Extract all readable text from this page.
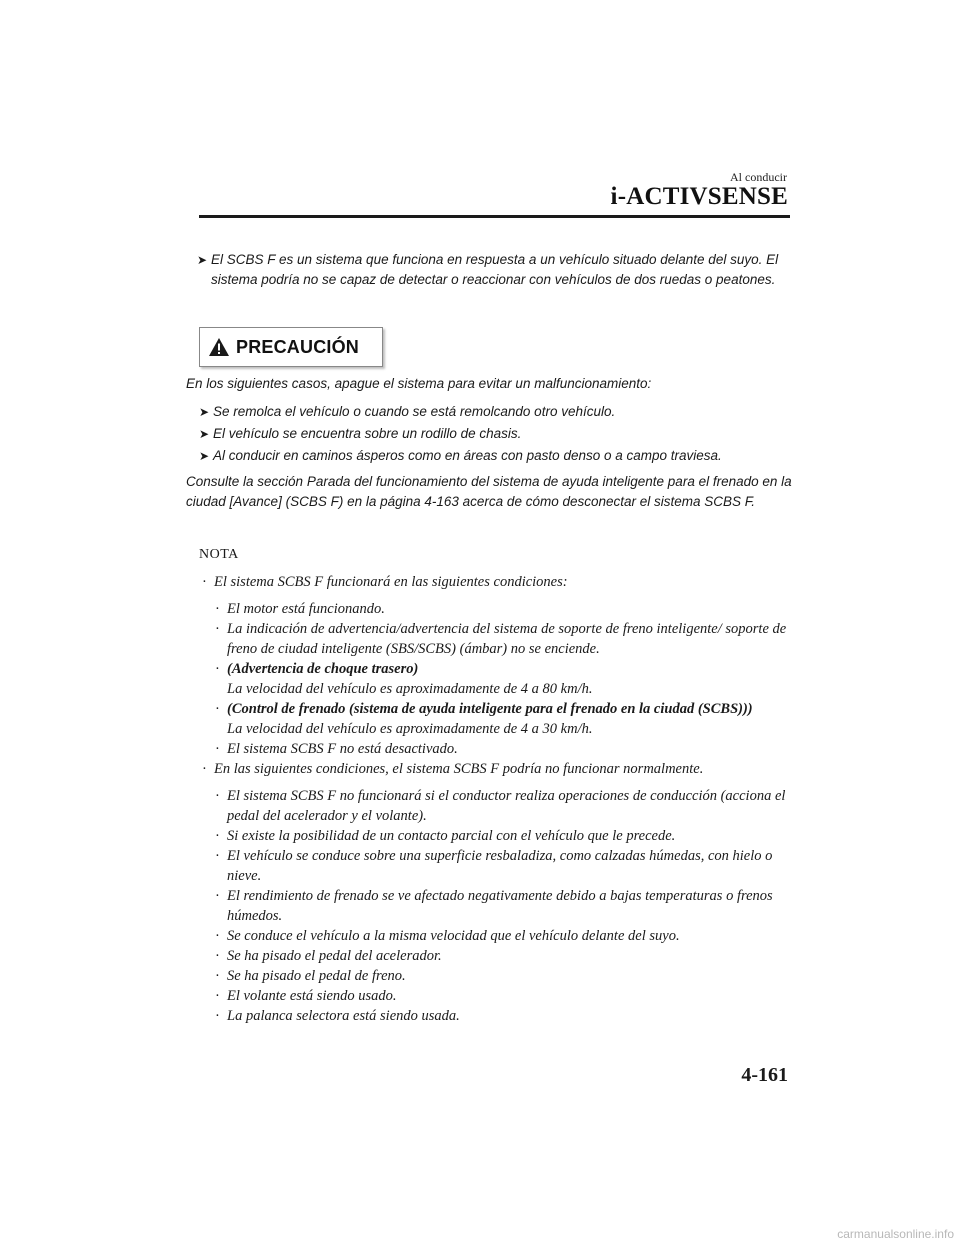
Al conducir
i-ACTIVSENSE
➤ El SCBS F es un sistema que funciona en respuesta a un vehículo situado delante del suyo. El sistema podría no se capaz de detectar o reaccionar con vehículos de dos ruedas o peatones.
PRECAUCIÓN

En los siguientes casos, apague el sistema para evitar un malfuncionamiento:

➤ Se remolca el vehículo o cuando se está remolcando otro vehículo.
➤ El vehículo se encuentra sobre un rodillo de chasis.
➤ Al conducir en caminos ásperos como en áreas con pasto denso o a campo traviesa.

Consulte la sección Parada del funcionamiento del sistema de ayuda inteligente para el frenado en la ciudad [Avance] (SCBS F) en la página 4-163 acerca de cómo desconectar el sistema SCBS F.

NOTA
· El sistema SCBS F funcionará en las siguientes condiciones:
· El motor está funcionando.
· La indicación de advertencia/advertencia del sistema de soporte de freno inteligente/ soporte de freno de ciudad inteligente (SBS/SCBS) (ámbar) no se enciende.
· (Advertencia de choque trasero)
La velocidad del vehículo es aproximadamente de 4 a 80 km/h.
· (Control de frenado (sistema de ayuda inteligente para el frenado en la ciudad (SCBS)))
La velocidad del vehículo es aproximadamente de 4 a 30 km/h.
· El sistema SCBS F no está desactivado.
· En las siguientes condiciones, el sistema SCBS F podría no funcionar normalmente.
· El sistema SCBS F no funcionará si el conductor realiza operaciones de conducción (acciona el pedal del acelerador y el volante).
· Si existe la posibilidad de un contacto parcial con el vehículo que le precede.
· El vehículo se conduce sobre una superficie resbaladiza, como calzadas húmedas, con hielo o nieve.
· El rendimiento de frenado se ve afectado negativamente debido a bajas temperaturas o frenos húmedos.
· Se conduce el vehículo a la misma velocidad que el vehículo delante del suyo.
· Se ha pisado el pedal del acelerador.
· Se ha pisado el pedal de freno.
· El volante está siendo usado.
· La palanca selectora está siendo usada.
4-161
carmanualsonline.info
